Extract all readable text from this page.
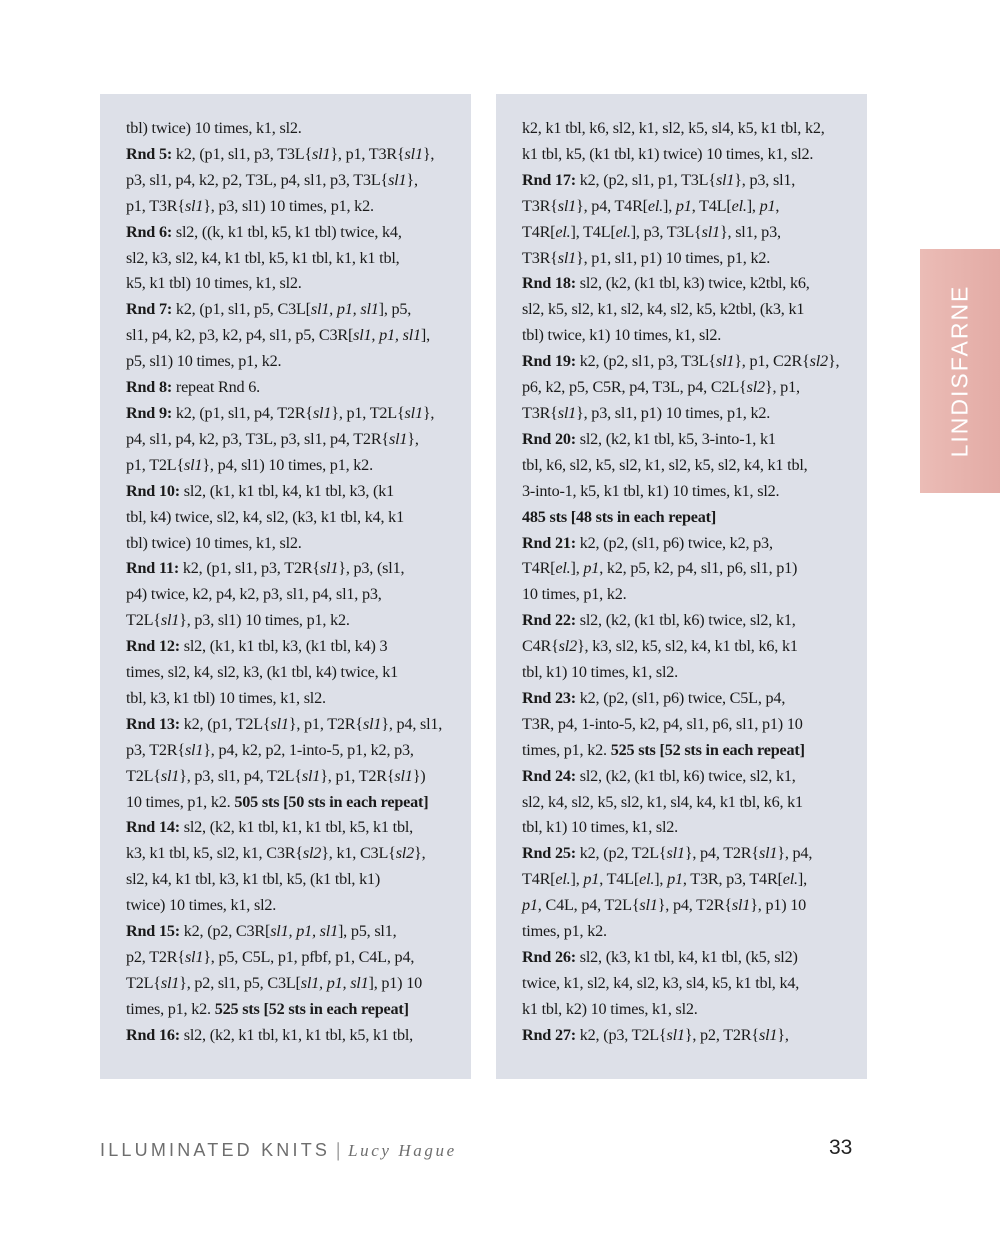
tbl) twice) 10 times, k1, sl2.

Rnd 5: k2, (p1, sl1, p3, T3L{sl1}, p1, T3R{sl1},

p3, sl1, p4, k2, p2, T3L, p4, sl1, p3, T3L{sl1},

p1, T3R{sl1}, p3, sl1) 10 times, p1, k2.

Rnd 6: sl2, ((k, k1 tbl, k5, k1 tbl) twice, k4,

sl2, k3, sl2, k4, k1 tbl, k5, k1 tbl, k1, k1 tbl,

k5, k1 tbl) 10 times, k1, sl2.

Rnd 7: k2, (p1, sl1, p5, C3L[sl1, p1, sl1], p5,

sl1, p4, k2, p3, k2, p4, sl1, p5, C3R[sl1, p1, sl1],

p5, sl1) 10 times, p1, k2.

Rnd 8: repeat Rnd 6.

Rnd 9: k2, (p1, sl1, p4, T2R{sl1}, p1, T2L{sl1},

p4, sl1, p4, k2, p3, T3L, p3, sl1, p4, T2R{sl1},

p1, T2L{sl1}, p4, sl1) 10 times, p1, k2.

Rnd 10: sl2, (k1, k1 tbl, k4, k1 tbl, k3, (k1

tbl, k4) twice, sl2, k4, sl2, (k3, k1 tbl, k4, k1

tbl) twice) 10 times, k1, sl2.

Rnd 11: k2, (p1, sl1, p3, T2R{sl1}, p3, (sl1,

p4) twice, k2, p4, k2, p3, sl1, p4, sl1, p3,

T2L{sl1}, p3, sl1) 10 times, p1, k2.

Rnd 12: sl2, (k1, k1 tbl, k3, (k1 tbl, k4) 3

times, sl2, k4, sl2, k3, (k1 tbl, k4) twice, k1

tbl, k3, k1 tbl) 10 times, k1, sl2.

Rnd 13: k2, (p1, T2L{sl1}, p1, T2R{sl1}, p4, sl1,

p3, T2R{sl1}, p4, k2, p2, 1-into-5, p1, k2, p3,

T2L{sl1}, p3, sl1, p4, T2L{sl1}, p1, T2R{sl1})

10 times, p1, k2. 505 sts [50 sts in each repeat]

Rnd 14: sl2, (k2, k1 tbl, k1, k1 tbl, k5, k1 tbl,

k3, k1 tbl, k5, sl2, k1, C3R{sl2}, k1, C3L{sl2},

sl2, k4, k1 tbl, k3, k1 tbl, k5, (k1 tbl, k1)

twice) 10 times, k1, sl2.

Rnd 15: k2, (p2, C3R[sl1, p1, sl1], p5, sl1,

p2, T2R{sl1}, p5, C5L, p1, pfbf, p1, C4L, p4,

T2L{sl1}, p2, sl1, p5, C3L[sl1, p1, sl1], p1) 10

times, p1, k2. 525 sts [52 sts in each repeat]

Rnd 16: sl2, (k2, k1 tbl, k1, k1 tbl, k5, k1 tbl,

k2, k1 tbl, k6, sl2, k1, sl2, k5, sl4, k5, k1 tbl, k2,

k1 tbl, k5, (k1 tbl, k1) twice) 10 times, k1, sl2.

Rnd 17: k2, (p2, sl1, p1, T3L{sl1}, p3, sl1,

T3R{sl1}, p4, T4R[el.], p1, T4L[el.], p1,

T4R[el.], T4L[el.], p3, T3L{sl1}, sl1, p3,

T3R{sl1}, p1, sl1, p1) 10 times, p1, k2.

Rnd 18: sl2, (k2, (k1 tbl, k3) twice, k2tbl, k6,

sl2, k5, sl2, k1, sl2, k4, sl2, k5, k2tbl, (k3, k1

tbl) twice, k1) 10 times, k1, sl2.

Rnd 19: k2, (p2, sl1, p3, T3L{sl1}, p1, C2R{sl2},

p6, k2, p5, C5R, p4, T3L, p4, C2L{sl2}, p1,

T3R{sl1}, p3, sl1, p1) 10 times, p1, k2.

Rnd 20: sl2, (k2, k1 tbl, k5, 3-into-1, k1

tbl, k6, sl2, k5, sl2, k1, sl2, k5, sl2, k4, k1 tbl,

3-into-1, k5, k1 tbl, k1) 10 times, k1, sl2.

485 sts [48 sts in each repeat]

Rnd 21: k2, (p2, (sl1, p6) twice, k2, p3,

T4R[el.], p1, k2, p5, k2, p4, sl1, p6, sl1, p1)

10 times, p1, k2.

Rnd 22: sl2, (k2, (k1 tbl, k6) twice, sl2, k1,

C4R{sl2}, k3, sl2, k5, sl2, k4, k1 tbl, k6, k1

tbl, k1) 10 times, k1, sl2.

Rnd 23: k2, (p2, (sl1, p6) twice, C5L, p4,

T3R, p4, 1-into-5, k2, p4, sl1, p6, sl1, p1) 10

times, p1, k2. 525 sts [52 sts in each repeat]

Rnd 24: sl2, (k2, (k1 tbl, k6) twice, sl2, k1,

sl2, k4, sl2, k5, sl2, k1, sl4, k4, k1 tbl, k6, k1

tbl, k1) 10 times, k1, sl2.

Rnd 25: k2, (p2, T2L{sl1}, p4, T2R{sl1}, p4,

T4R[el.], p1, T4L[el.], p1, T3R, p3, T4R[el.],

p1, C4L, p4, T2L{sl1}, p4, T2R{sl1}, p1) 10

times, p1, k2.

Rnd 26: sl2, (k3, k1 tbl, k4, k1 tbl, (k5, sl2)

twice, k1, sl2, k4, sl2, k3, sl4, k5, k1 tbl, k4,

k1 tbl, k2) 10 times, k1, sl2.

Rnd 27: k2, (p3, T2L{sl1}, p2, T2R{sl1},

LINDISFARNE
ILLUMINATED KNITS | Lucy Hague	33
